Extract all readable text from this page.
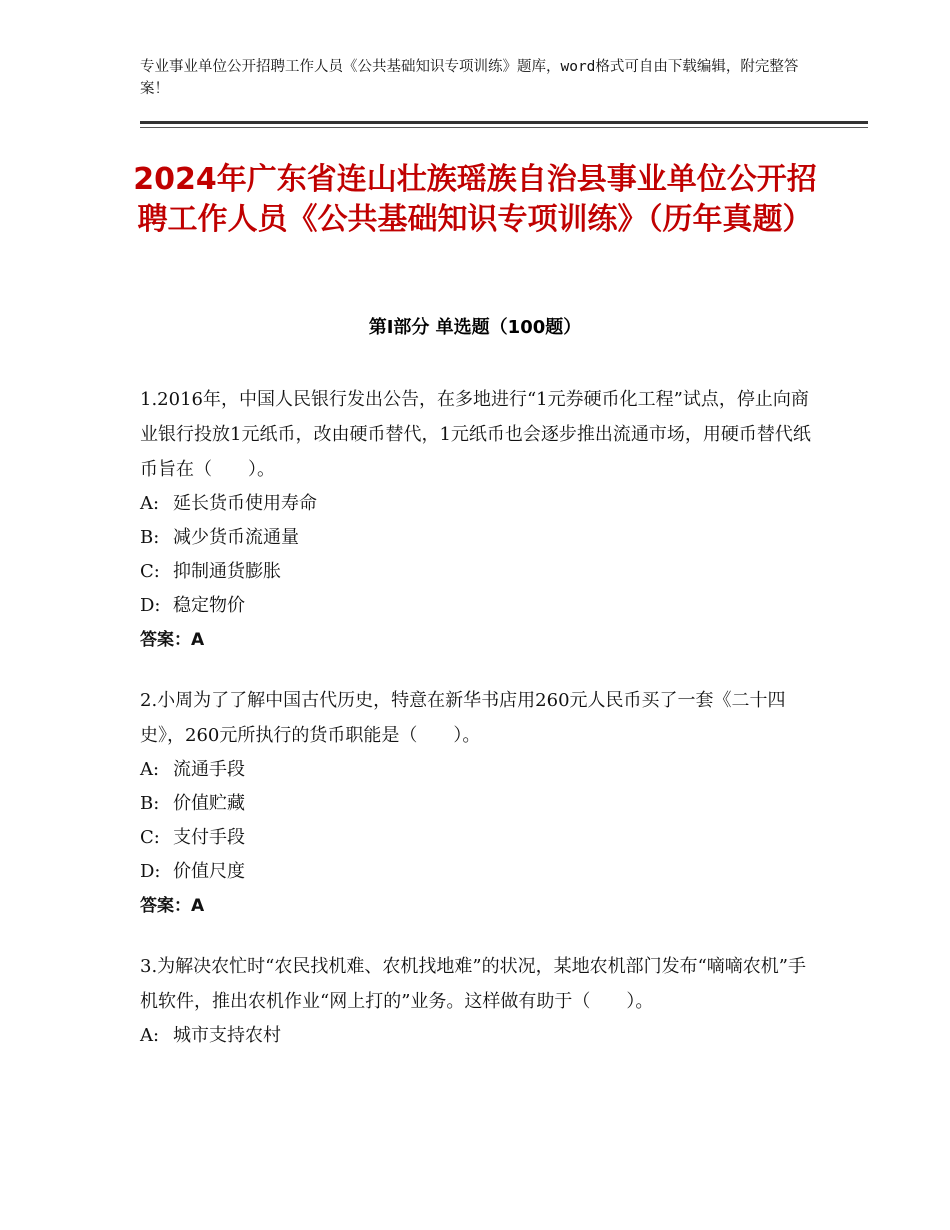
专业事业单位公开招聘工作人员《公共基础知识专项训练》题库，word格式可自由下载编辑，附完整答案！
2024年广东省连山壮族瑶族自治县事业单位公开招聘工作人员《公共基础知识专项训练》（历年真题）
第Ⅰ部分 单选题（100题）

1.2016年，中国人民银行发出公告，在多地进行“1元券硬币化工程”试点，停止向商业银行投放1元纸币，改由硬币替代，1元纸币也会逐步推出流通市场，用硬币替代纸币旨在（　　）。

A: 延长货币使用寿命

B: 减少货币流通量

C: 抑制通货膨胀

D: 稳定物价

答案：A

2.小周为了了解中国古代历史，特意在新华书店用260元人民币买了一套《二十四史》，260元所执行的货币职能是（　　）。

A: 流通手段

B: 价值贮藏

C: 支付手段

D: 价值尺度

答案：A

3.为解决农忙时“农民找机难、农机找地难”的状况，某地农机部门发布“嘀嘀农机”手机软件，推出农机作业“网上打的”业务。这样做有助于（　　）。

A: 城市支持农村
